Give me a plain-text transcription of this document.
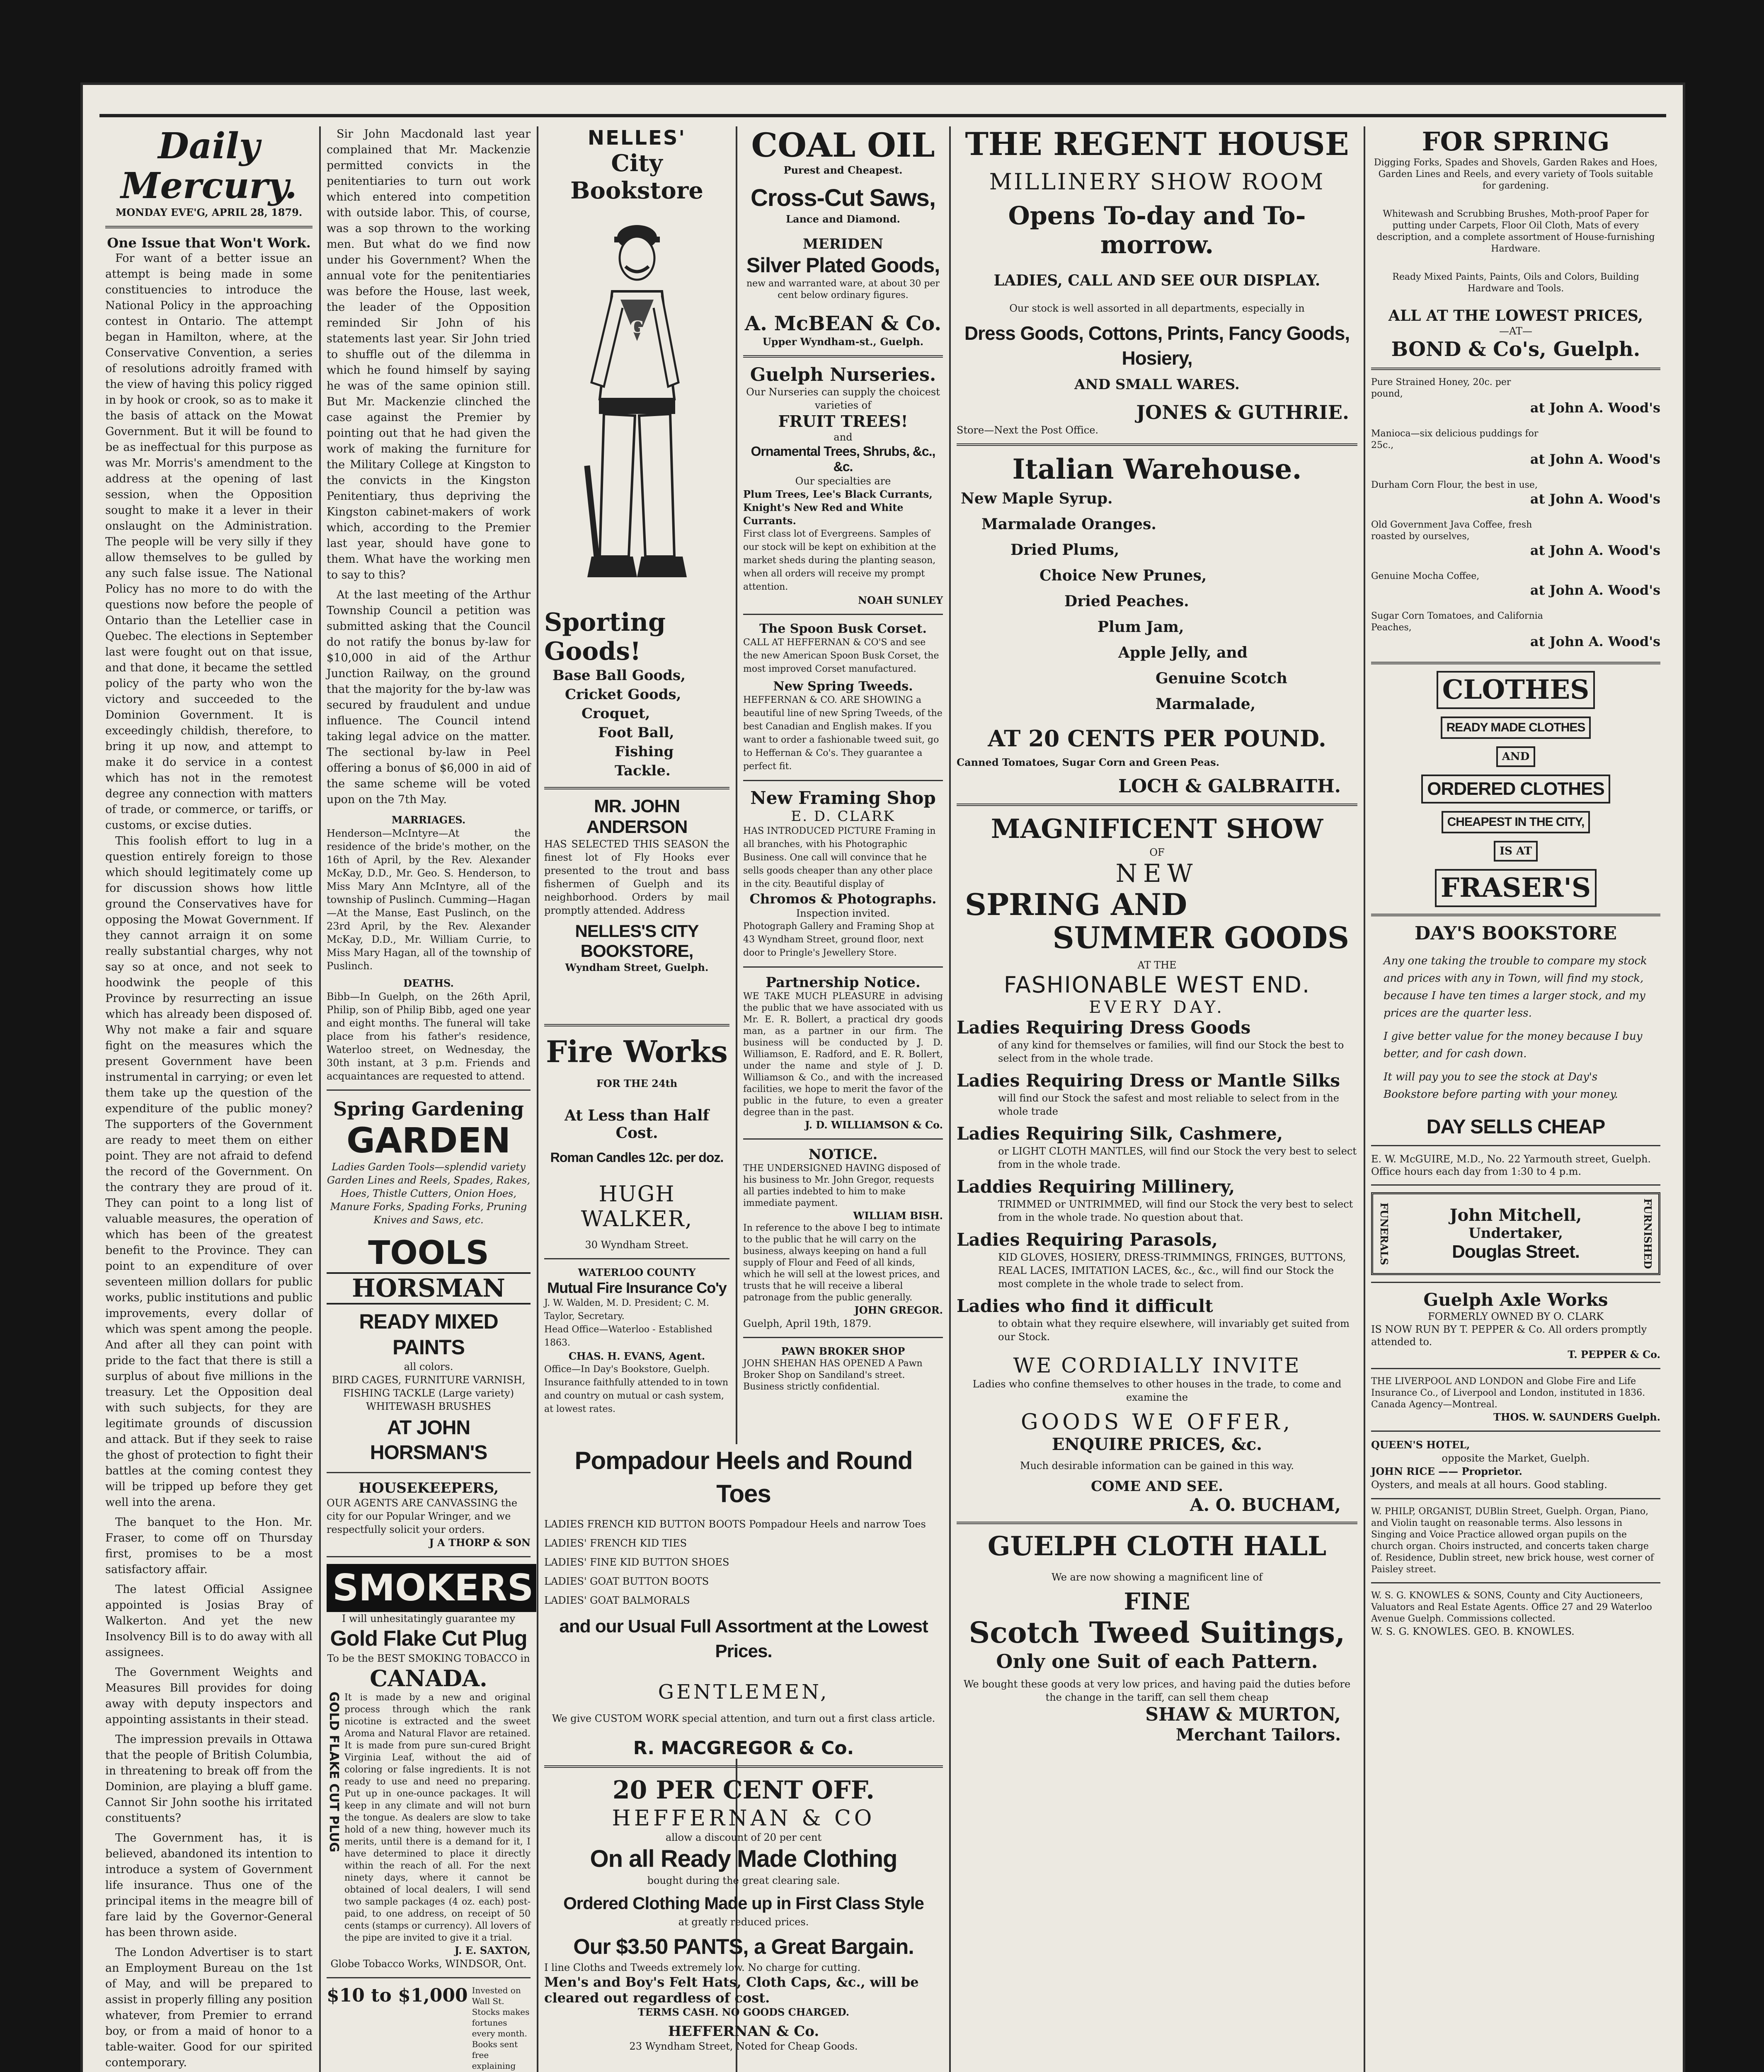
Daily Mercury.
MONDAY EVE'G, APRIL 28, 1879.
One Issue that Won't Work.

For want of a better issue an attempt is being made in some constituencies to introduce the National Policy in the approaching contest in Ontario. The attempt began in Hamilton, where, at the Conservative Convention, a series of resolutions adroitly framed with the view of having this policy rigged in by hook or crook, so as to make it the basis of attack on the Mowat Government. But it will be found to be as ineffectual for this purpose as was Mr. Morris's amendment to the address at the opening of last session, when the Opposition sought to make it a lever in their onslaught on the Administration. The people will be very silly if they allow themselves to be gulled by any such false issue. The National Policy has no more to do with the questions now before the people of Ontario than the Letellier case in Quebec. The elections in September last were fought out on that issue, and that done, it became the settled policy of the party who won the victory and succeeded to the Dominion Government. It is exceedingly childish, therefore, to bring it up now, and attempt to make it do service in a contest which has not in the remotest degree any connection with matters of trade, or commerce, or tariffs, or customs, or excise duties.

This foolish effort to lug in a question entirely foreign to those which should legitimately come up for discussion shows how little ground the Conservatives have for opposing the Mowat Government. If they cannot arraign it on some really substantial charges, why not say so at once, and not seek to hoodwink the people of this Province by resurrecting an issue which has already been disposed of. Why not make a fair and square fight on the measures which the present Government have been instrumental in carrying; or even let them take up the question of the expenditure of the public money? The supporters of the Government are ready to meet them on either point. They are not afraid to defend the record of the Government. On the contrary they are proud of it. They can point to a long list of valuable measures, the operation of which has been of the greatest benefit to the Province. They can point to an expenditure of over seventeen million dollars for public works, public institutions and public improvements, every dollar of which was spent among the people. And after all they can point with pride to the fact that there is still a surplus of about five millions in the treasury. Let the Opposition deal with such subjects, for they are legitimate grounds of discussion and attack. But if they seek to raise the ghost of protection to fight their battles at the coming contest they will be tripped up before they get well into the arena.

The banquet to the Hon. Mr. Fraser, to come off on Thursday first, promises to be a most satisfactory affair.

The latest Official Assignee appointed is Josias Bray of Walkerton. And yet the new Insolvency Bill is to do away with all assignees.

The Government Weights and Measures Bill provides for doing away with deputy inspectors and appointing assistants in their stead.

The impression prevails in Ottawa that the people of British Columbia, in threatening to break off from the Dominion, are playing a bluff game. Cannot Sir John soothe his irritated constituents?

The Government has, it is believed, abandoned its intention to introduce a system of Government life insurance. Thus one of the principal items in the meagre bill of fare laid by the Governor-General has been thrown aside.

The London Advertiser is to start an Employment Bureau on the 1st of May, and will be prepared to assist in properly filling any position whatever, from Premier to errand boy, or from a maid of honor to a table-waiter. Good for our spirited contemporary.

Sir John Macdonald last year complained that Mr. Mackenzie permitted convicts in the penitentiaries to turn out work which entered into competition with outside labor. This, of course, was a sop thrown to the working men. But what do we find now under his Government? When the annual vote for the penitentiaries was before the House, last week, the leader of the Opposition reminded Sir John of his statements last year. Sir John tried to shuffle out of the dilemma in which he found himself by saying he was of the same opinion still. But Mr. Mackenzie clinched the case against the Premier by pointing out that he had given the work of making the furniture for the Military College at Kingston to the convicts in the Kingston Penitentiary, thus depriving the Kingston cabinet-makers of work which, according to the Premier last year, should have gone to them. What have the working men to say to this?

At the last meeting of the Arthur Township Council a petition was submitted asking that the Council do not ratify the bonus by-law for $10,000 in aid of the Arthur Junction Railway, on the ground that the majority for the by-law was secured by fraudulent and undue influence. The Council intend taking legal advice on the matter. The sectional by-law in Peel offering a bonus of $6,000 in aid of the same scheme will be voted upon on the 7th May.

MARRIAGES.

Henderson—McIntyre—At the residence of the bride's mother, on the 16th of April, by the Rev. Alexander McKay, D.D., Mr. Geo. S. Henderson, to Miss Mary Ann McIntyre, all of the township of Puslinch. Cumming—Hagan—At the Manse, East Puslinch, on the 23rd April, by the Rev. Alexander McKay, D.D., Mr. William Currie, to Miss Mary Hagan, all of the township of Puslinch.

DEATHS.

Bibb—In Guelph, on the 26th April, Philip, son of Philip Bibb, aged one year and eight months. The funeral will take place from his father's residence, Waterloo street, on Wednesday, the 30th instant, at 3 p.m. Friends and acquaintances are requested to attend.

Spring Gardening
GARDEN

Ladies Garden Tools—splendid variety Garden Lines and Reels, Spades, Rakes, Hoes, Thistle Cutters, Onion Hoes, Manure Forks, Spading Forks, Pruning Knives and Saws, etc.

TOOLS
HORSMAN
READY MIXED PAINTS
all colors.

BIRD CAGES, FURNITURE VARNISH, FISHING TACKLE (Large variety) WHITEWASH BRUSHES

AT JOHN HORSMAN'S
HOUSEKEEPERS,

OUR AGENTS ARE CANVASSING the city for our Popular Wringer, and we respectfully solicit your orders.

J A THORP & SON
SMOKERS
I will unhesitatingly guarantee my
Gold Flake Cut Plug
To be the BEST SMOKING TOBACCO in
CANADA.
GOLD FLAKE CUT PLUG It is made by a new and original process through which the rank nicotine is extracted and the sweet Aroma and Natural Flavor are retained. It is made from pure sun-cured Bright Virginia Leaf, without the aid of coloring or false ingredients. It is not ready to use and need no preparing. Put up in one-ounce packages. It will keep in any climate and will not burn the tongue. As dealers are slow to take hold of a new thing, however much its merits, until there is a demand for it, I have determined to place it directly within the reach of all. For the next ninety days, where it cannot be obtained of local dealers, I will send two sample packages (4 oz. each) post-paid, to one address, on receipt of 50 cents (stamps or currency). All lovers of the pipe are invited to give it a trial.

J. E. SAXTON,
Globe Tobacco Works, WINDSOR, Ont.
$10 to $1,000 Invested on Wall St. Stocks makes fortunes every month. Books sent free explaining

NELLES'
City Bookstore
G
Sporting Goods!
Base Ball Goods,
Cricket Goods,
Croquet,
Foot Ball,
Fishing Tackle.
MR. JOHN ANDERSON

HAS SELECTED THIS SEASON the finest lot of Fly Hooks ever presented to the trout and bass fishermen of Guelph and its neighborhood. Orders by mail promptly attended. Address

NELLES'S CITY BOOKSTORE,
Wyndham Street, Guelph.
Fire Works
FOR THE 24th
At Less than Half Cost.
Roman Candles 12c. per doz.
HUGH WALKER,
30 Wyndham Street.
WATERLOO COUNTY
Mutual Fire Insurance Co'y

J. W. Walden, M. D. President; C. M. Taylor, Secretary.

Head Office—Waterloo - Established 1863.

CHAS. H. EVANS, Agent.

Office—In Day's Bookstore, Guelph. Insurance faithfully attended to in town and country on mutual or cash system, at lowest rates.

COAL OIL
Purest and Cheapest.
Cross-Cut Saws,
Lance and Diamond.
MERIDEN
Silver Plated Goods,

new and warranted ware, at about 30 per cent below ordinary figures.

A. McBEAN & Co.
Upper Wyndham-st., Guelph.
Guelph Nurseries.

Our Nurseries can supply the choicest varieties of

FRUIT TREES!
and
Ornamental Trees, Shrubs, &c., &c.
Our specialties are

Plum Trees, Lee's Black Currants, Knight's New Red and White Currants.

First class lot of Evergreens. Samples of our stock will be kept on exhibition at the market sheds during the planting season, when all orders will receive my prompt attention.

NOAH SUNLEY
The Spoon Busk Corset.

CALL AT HEFFERNAN & CO'S and see the new American Spoon Busk Corset, the most improved Corset manufactured.

New Spring Tweeds.

HEFFERNAN & CO. ARE SHOWING a beautiful line of new Spring Tweeds, of the best Canadian and English makes. If you want to order a fashionable tweed suit, go to Heffernan & Co's. They guarantee a perfect fit.

New Framing Shop
E. D. CLARK

HAS INTRODUCED PICTURE Framing in all branches, with his Photographic Business. One call will convince that he sells goods cheaper than any other place in the city. Beautiful display of

Chromos & Photographs.
Inspection invited.

Photograph Gallery and Framing Shop at 43 Wyndham Street, ground floor, next door to Pringle's Jewellery Store.

Partnership Notice.

WE TAKE MUCH PLEASURE in advising the public that we have associated with us Mr. E. R. Bollert, a practical dry goods man, as a partner in our firm. The business will be conducted by J. D. Williamson, E. Radford, and E. R. Bollert, under the name and style of J. D. Williamson & Co., and with the increased facilities, we hope to merit the favor of the public in the future, to even a greater degree than in the past.

J. D. WILLIAMSON & Co.
NOTICE.

THE UNDERSIGNED HAVING disposed of his business to Mr. John Gregor, requests all parties indebted to him to make immediate payment.

WILLIAM BISH.

In reference to the above I beg to intimate to the public that he will carry on the business, always keeping on hand a full supply of Flour and Feed of all kinds, which he will sell at the lowest prices, and trusts that he will receive a liberal patronage from the public generally.

JOHN GREGOR.
Guelph, April 19th, 1879.
PAWN BROKER SHOP

JOHN SHEHAN HAS OPENED A Pawn Broker Shop on Sandiland's street. Business strictly confidential.

Pompadour Heels and Round Toes
LADIES FRENCH KID BUTTON BOOTS Pompadour Heels and narrow Toes
LADIES' FRENCH KID TIES
LADIES' FINE KID BUTTON SHOES
LADIES' GOAT BUTTON BOOTS
LADIES' GOAT BALMORALS
and our Usual Full Assortment at the Lowest Prices.
GENTLEMEN,
We give CUSTOM WORK special attention, and turn out a first class article.
R. MACGREGOR & Co.
20 PER CENT OFF.
HEFFERNAN & CO
allow a discount of 20 per cent
On all Ready Made Clothing
bought during the great clearing sale.
Ordered Clothing Made up in First Class Style
at greatly reduced prices.
Our $3.50 PANTS, a Great Bargain.
I line Cloths and Tweeds extremely low. No charge for cutting.
Men's and Boy's Felt Hats, Cloth Caps, &c., will be cleared out regardless of cost.
TERMS CASH. NO GOODS CHARGED.
HEFFERNAN & Co.
23 Wyndham Street, Noted for Cheap Goods.
THE REGENT HOUSE
MILLINERY SHOW ROOM
Opens To-day and To-morrow.
LADIES, CALL AND SEE OUR DISPLAY.
Our stock is well assorted in all departments, especially in
Dress Goods, Cottons, Prints, Fancy Goods, Hosiery,
AND SMALL WARES.
JONES & GUTHRIE.
Store—Next the Post Office.
Italian Warehouse.
New Maple Syrup.
Marmalade Oranges.
Dried Plums,
Choice New Prunes,
Dried Peaches.
Plum Jam,
Apple Jelly, and
Genuine Scotch Marmalade,
AT 20 CENTS PER POUND.
Canned Tomatoes, Sugar Corn and Green Peas.
LOCH & GALBRAITH.
MAGNIFICENT SHOW
OF
NEW
SPRING AND
SUMMER GOODS
AT THE
FASHIONABLE WEST END.
EVERY DAY.
Ladies Requiring Dress Goods

of any kind for themselves or families, will find our Stock the best to select from in the whole trade.

Ladies Requiring Dress or Mantle Silks

will find our Stock the safest and most reliable to select from in the whole trade

Ladies Requiring Silk, Cashmere,

or LIGHT CLOTH MANTLES, will find our Stock the very best to select from in the whole trade.

Laddies Requiring Millinery,

TRIMMED or UNTRIMMED, will find our Stock the very best to select from in the whole trade. No question about that.

Ladies Requiring Parasols,

KID GLOVES, HOSIERY, DRESS-TRIMMINGS, FRINGES, BUTTONS, REAL LACES, IMITATION LACES, &c., &c., will find our Stock the most complete in the whole trade to select from.

Ladies who find it difficult

to obtain what they require elsewhere, will invariably get suited from our Stock.

WE CORDIALLY INVITE

Ladies who confine themselves to other houses in the trade, to come and examine the

GOODS WE OFFER,
ENQUIRE PRICES, &c.
Much desirable information can be gained in this way.
COME AND SEE.
A. O. BUCHAM,
GUELPH CLOTH HALL
We are now showing a magnificent line of
FINE
Scotch Tweed Suitings,
Only one Suit of each Pattern.

We bought these goods at very low prices, and having paid the duties before the change in the tariff, can sell them cheap

SHAW & MURTON,
Merchant Tailors.
FOR SPRING

Digging Forks, Spades and Shovels, Garden Rakes and Hoes, Garden Lines and Reels, and every variety of Tools suitable for gardening.

Whitewash and Scrubbing Brushes, Moth-proof Paper for putting under Carpets, Floor Oil Cloth, Mats of every description, and a complete assortment of House-furnishing Hardware.

Ready Mixed Paints, Paints, Oils and Colors, Building Hardware and Tools.

ALL AT THE LOWEST PRICES,
—AT—
BOND & Co's, Guelph.

Pure Strained Honey, 20c. per pound,

at John A. Wood's

Manioca—six delicious puddings for 25c.,

at John A. Wood's

Durham Corn Flour, the best in use,

at John A. Wood's

Old Government Java Coffee, fresh roasted by ourselves,

at John A. Wood's

Genuine Mocha Coffee,

at John A. Wood's

Sugar Corn Tomatoes, and California Peaches,

at John A. Wood's
CLOTHES
READY MADE CLOTHES
AND
ORDERED CLOTHES
CHEAPEST IN THE CITY,
IS AT
FRASER'S
DAY'S BOOKSTORE

Any one taking the trouble to compare my stock and prices with any in Town, will find my stock, because I have ten times a larger stock, and my prices are the quarter less.

I give better value for the money because I buy better, and for cash down.

It will pay you to see the stock at Day's Bookstore before parting with your money.

DAY SELLS CHEAP

E. W. McGUIRE, M.D., No. 22 Yarmouth street, Guelph. Office hours each day from 1:30 to 4 p.m.

FUNERALS	John Mitchell,
Undertaker,
Douglas Street.	FURNISHED
Guelph Axle Works
FORMERLY OWNED BY O. CLARK

IS NOW RUN BY T. PEPPER & Co. All orders promptly attended to.

T. PEPPER & Co.

THE LIVERPOOL AND LONDON and Globe Fire and Life Insurance Co., of Liverpool and London, instituted in 1836. Canada Agency—Montreal.

THOS. W. SAUNDERS Guelph.
QUEEN'S HOTEL,
opposite the Market, Guelph.
JOHN RICE —— Proprietor.
Oysters, and meals at all hours. Good stabling.

W. PHILP, ORGANIST, DUBlin Street, Guelph. Organ, Piano, and Violin taught on reasonable terms. Also lessons in Singing and Voice Practice allowed organ pupils on the church organ. Choirs instructed, and concerts taken charge of. Residence, Dublin street, new brick house, west corner of Paisley street.

W. S. G. KNOWLES & SONS, County and City Auctioneers, Valuators and Real Estate Agents. Office 27 and 29 Waterloo Avenue Guelph. Commissions collected.

W. S. G. KNOWLES. GEO. B. KNOWLES.
